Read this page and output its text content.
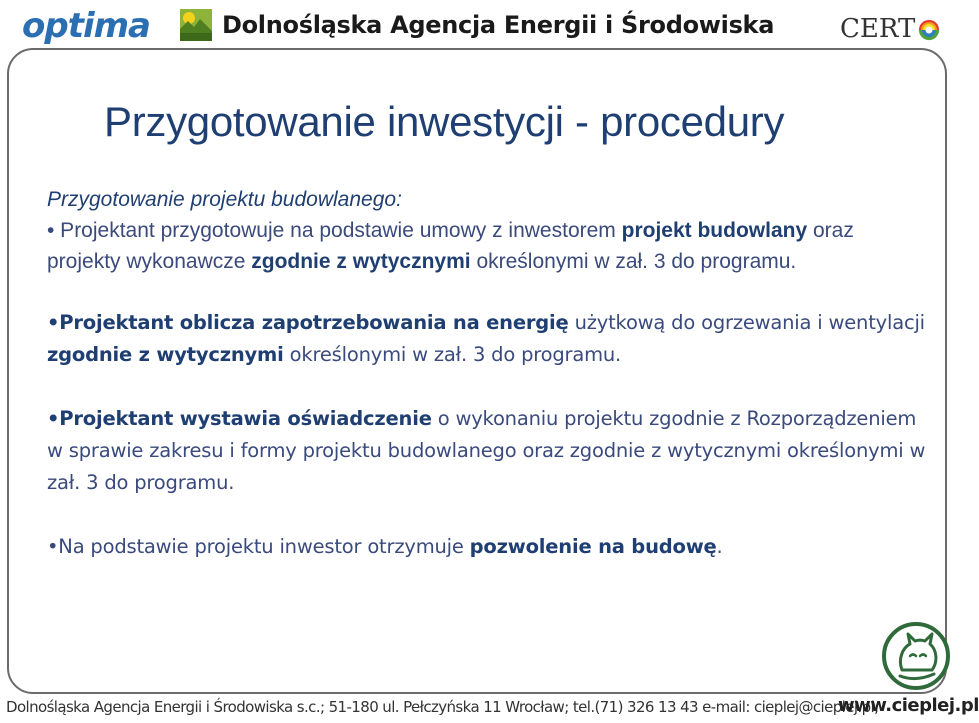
optima	Dolnośląska Agencja Energii i Środowiska	CERT
Przygotowanie inwestycji - procedury

Przygotowanie projektu budowlanego:

• Projektant przygotowuje na podstawie umowy z inwestorem projekt budowlany oraz projekty wykonawcze zgodnie z wytycznymi określonymi w zał. 3 do programu.

•Projektant oblicza zapotrzebowania na energię użytkową do ogrzewania i wentylacji zgodnie z wytycznymi określonymi w zał. 3 do programu.

•Projektant wystawia oświadczenie o wykonaniu projektu zgodnie z Rozporządzeniem w sprawie zakresu i formy projektu budowlanego oraz zgodnie z wytycznymi określonymi w zał. 3 do programu.

•Na podstawie projektu inwestor otrzymuje pozwolenie na budowę.

Dolnośląska Agencja Energii i Środowiska s.c.; 51-180 ul. Pełczyńska 11 Wrocław; tel.(71) 326 13 43 e-mail: cieplej@cieplej.pl;
www.cieplej.pl
